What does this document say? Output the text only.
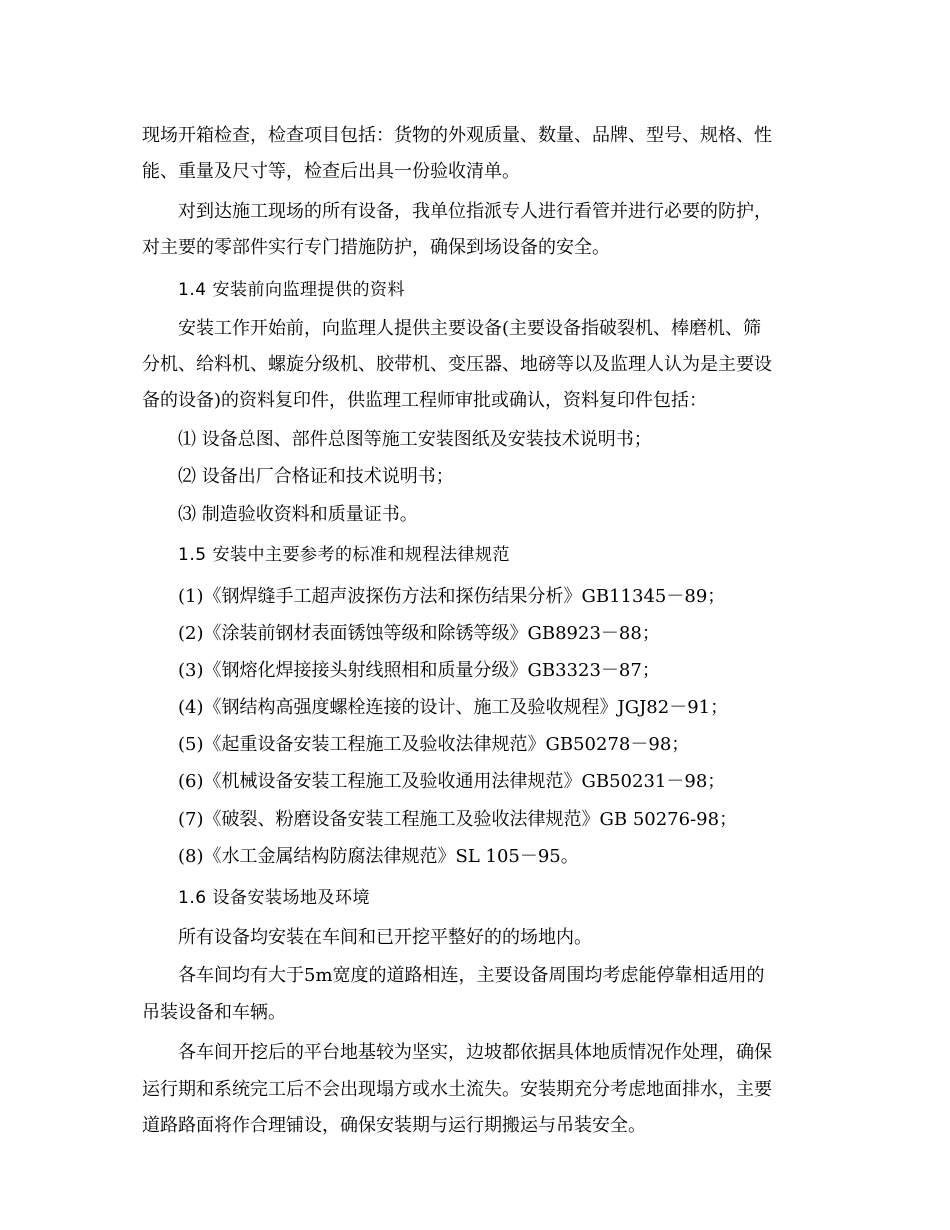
现场开箱检查，检查项目包括：货物的外观质量、数量、品牌、型号、规格、性
能、重量及尺寸等，检查后出具一份验收清单。
对到达施工现场的所有设备，我单位指派专人进行看管并进行必要的防护，
对主要的零部件实行专门措施防护，确保到场设备的安全。
1.4 安装前向监理提供的资料
安装工作开始前，向监理人提供主要设备(主要设备指破裂机、棒磨机、筛
分机、给料机、螺旋分级机、胶带机、变压器、地磅等以及监理人认为是主要设
备的设备)的资料复印件，供监理工程师审批或确认，资料复印件包括：
⑴ 设备总图、部件总图等施工安装图纸及安装技术说明书；
⑵ 设备出厂合格证和技术说明书；
⑶ 制造验收资料和质量证书。
1.5 安装中主要参考的标准和规程法律规范
(1)《钢焊缝手工超声波探伤方法和探伤结果分析》GB11345－89；
(2)《涂装前钢材表面锈蚀等级和除锈等级》GB8923－88；
(3)《钢熔化焊接接头射线照相和质量分级》GB3323－87；
(4)《钢结构高强度螺栓连接的设计、施工及验收规程》JGJ82－91；
(5)《起重设备安装工程施工及验收法律规范》GB50278－98；
(6)《机械设备安装工程施工及验收通用法律规范》GB50231－98；
(7)《破裂、粉磨设备安装工程施工及验收法律规范》GB 50276-98；
(8)《水工金属结构防腐法律规范》SL 105－95。
1.6 设备安装场地及环境
所有设备均安装在车间和已开挖平整好的的场地内。
各车间均有大于5m宽度的道路相连，主要设备周围均考虑能停靠相适用的
吊装设备和车辆。
各车间开挖后的平台地基较为坚实，边坡都依据具体地质情况作处理，确保
运行期和系统完工后不会出现塌方或水土流失。安装期充分考虑地面排水，主要
道路路面将作合理铺设，确保安装期与运行期搬运与吊装安全。
